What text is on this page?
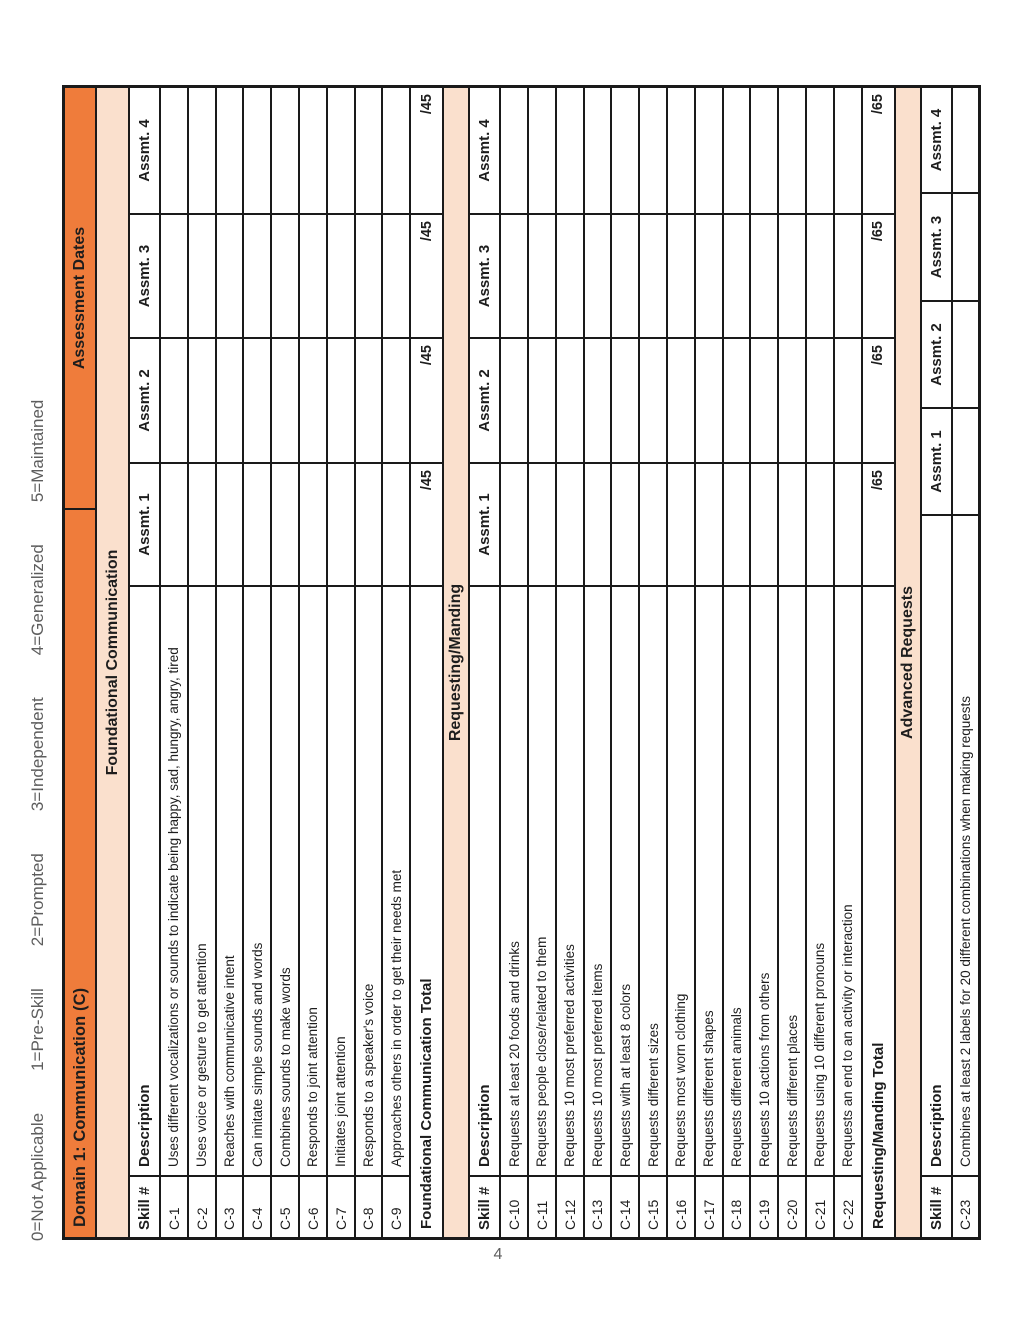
0=Not Applicable
1=Pre-Skill
2=Prompted
3=Independent
4=Generalized
5=Maintained
Domain 1: Communication (C)
Assessment Dates
Foundational Communication
Skill #
Description
Assmt. 1
Assmt. 2
Assmt. 3
Assmt. 4
C-1
Uses different vocalizations or sounds to indicate being happy, sad, hungry, angry, tired
C-2
Uses voice or gesture to get attention
C-3
Reaches with communicative intent
C-4
Can imitate simple sounds and words
C-5
Combines sounds to make words
C-6
Responds to joint attention
C-7
Initiates joint attention
C-8
Responds to a speaker's voice
C-9
Approaches others in order to get their needs met Foundational Communication Total
/45
/45
/45
/45
Requesting/Manding
Skill #
Description
Assmt. 1
Assmt. 2
Assmt. 3
Assmt. 4
C-10
Requests at least 20 foods and drinks
C-11
Requests people close/related to them
C-12
Requests 10 most preferred activities
C-13
Requests 10 most preferred items
C-14
Requests with at least 8 colors
C-15
Requests different sizes
C-16
Requests most worn clothing
C-17
Requests different shapes
C-18
Requests different animals
C-19
Requests 10 actions from others
C-20
Requests different places
C-21
Requests using 10 different pronouns
C-22
Requests an end to an activity or interaction Requesting/Manding Total
/65
/65
/65
/65
Advanced Requests
Skill #
Description
Assmt. 1
Assmt. 2
Assmt. 3
Assmt. 4
C-23
Combines at least 2 labels for 20 different combinations when making requests
4
